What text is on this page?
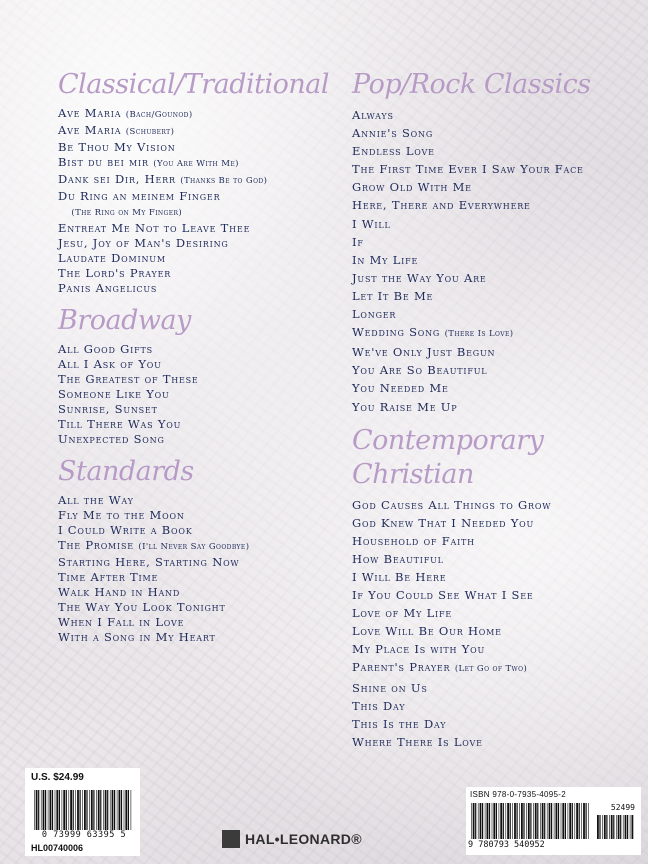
Classical/Traditional
Ave Maria (Bach/Gounod)
Ave Maria (Schubert)
Be Thou My Vision
Bist du bei mir (You Are With Me)
Dank sei Dir, Herr (Thanks Be to God)
Du Ring an meinem Finger
(The Ring on My Finger)
Entreat Me Not to Leave Thee
Jesu, Joy of Man's Desiring
Laudate Dominum
The Lord's Prayer
Panis Angelicus
Broadway
All Good Gifts
All I Ask of You
The Greatest of These
Someone Like You
Sunrise, Sunset
Till There Was You
Unexpected Song
Standards
All the Way
Fly Me to the Moon
I Could Write a Book
The Promise (I'll Never Say Goodbye)
Starting Here, Starting Now
Time After Time
Walk Hand in Hand
The Way You Look Tonight
When I Fall in Love
With a Song in My Heart
Pop/Rock Classics
Always
Annie's Song
Endless Love
The First Time Ever I Saw Your Face
Grow Old With Me
Here, There and Everywhere
I Will
If
In My Life
Just the Way You Are
Let It Be Me
Longer
Wedding Song (There Is Love)
We've Only Just Begun
You Are So Beautiful
You Needed Me
You Raise Me Up
Contemporary Christian
God Causes All Things to Grow
God Knew That I Needed You
Household of Faith
How Beautiful
I Will Be Here
If You Could See What I See
Love of My Life
Love Will Be Our Home
My Place Is with You
Parent's Prayer (Let Go of Two)
Shine on Us
This Day
This Is the Day
Where There Is Love
U.S. $24.99
0 73999 63395 5
HL00740006
HAL•LEONARD®
ISBN 978-0-7935-4095-2
52499
9 780793 540952
